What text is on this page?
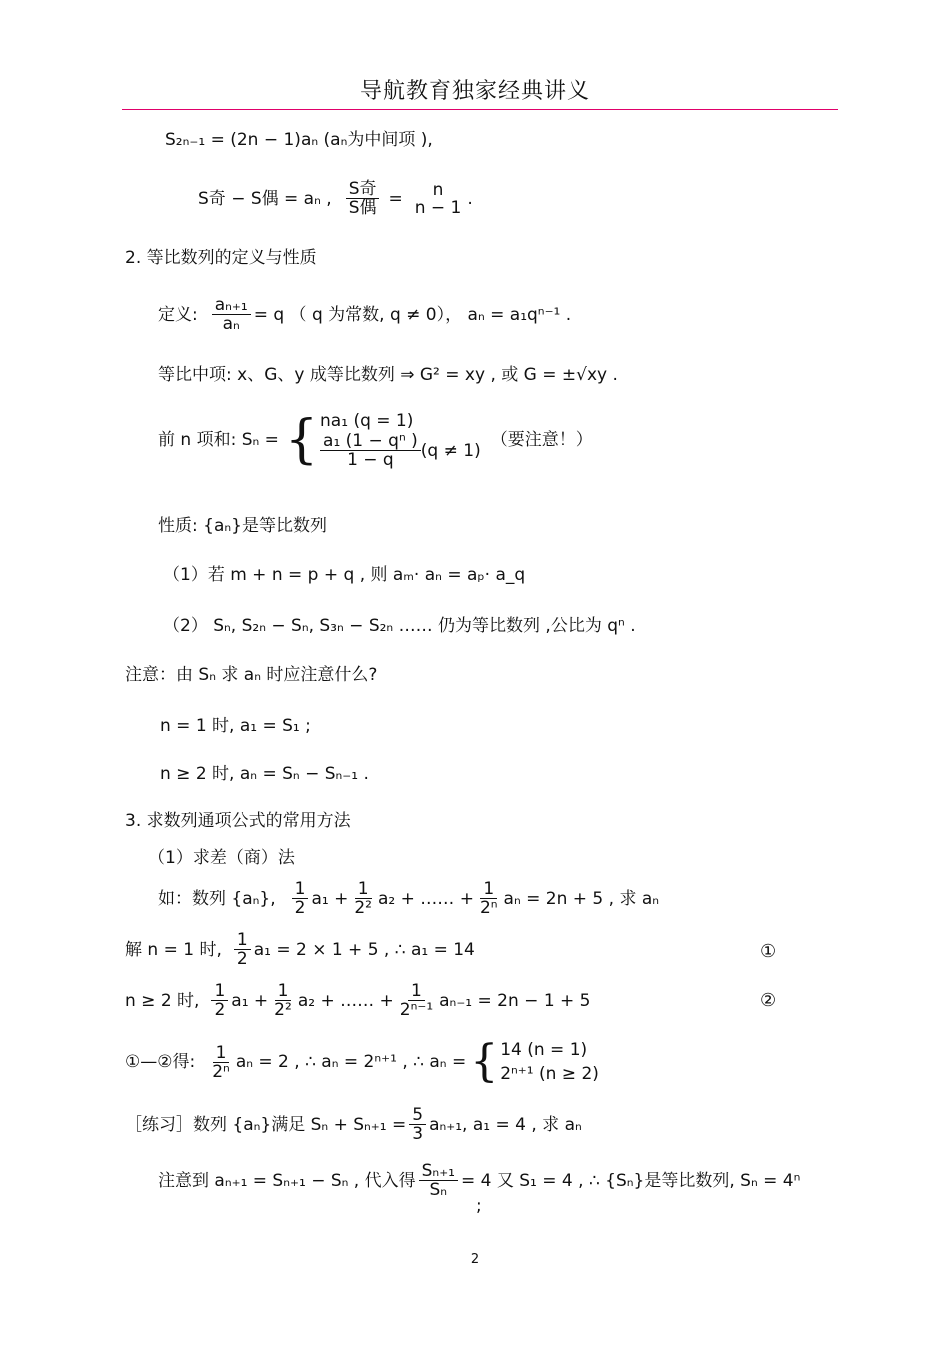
导航教育独家经典讲义
S₂ₙ₋₁ = (2n − 1)aₙ (aₙ为中间项 ),
S奇 − S偶 = aₙ , $\frac{\text{S奇}}{\text{S偶}} = n$
n − 1 .
2. 等比数列的定义与性质
定义: $\frac{\text{aₙ₊₁}}{\text{aₙ}} = q$ （ q 为常数, q ≠ 0）， aₙ = a₁qⁿ⁻¹ .
等比中项: x、G、y 成等比数列 ⇒ G² = xy , 或 G = ±√xy .
前 n 项和: Sₙ = { na₁ (q = 1)
$\frac{\text{a₁ (1 − qⁿ )}}{1 - q} (q \ne 1)$
（要注意！）
性质: {aₙ}是等比数列
（1）若 m + n = p + q , 则 aₘ· aₙ = aₚ· a_q
（2） Sₙ, S₂ₙ − Sₙ, S₃ₙ − S₂ₙ …… 仍为等比数列 ,公比为 qⁿ .
注意：由 Sₙ 求 aₙ 时应注意什么?
n = 1 时, a₁ = S₁ ;
n ≥ 2 时, aₙ = Sₙ − Sₙ₋₁ .
3. 求数列通项公式的常用方法
（1）求差（商）法
如：数列 {aₙ}, $\frac{1}{2} a_1 + \frac{1}{\text{2²}} a_2$ + …… + $\frac{1}{\text{2ⁿ}}$ aₙ = 2n + 5 , 求 aₙ
解 n = 1 时, $\frac{1}{2} a_1 = 2 \times 1 + 5$ , ∴ a₁ = 14	①
n ≥ 2 时, $\frac{1}{2} a_1 + \frac{1}{\text{2²}} a_2$ + …… + $\frac{1}{\text{2ⁿ⁻¹}} a_{n-1} = 2n - 1 + 5$	②
①—②得: $\frac{1}{\text{2ⁿ}}$ aₙ = 2 , ∴ aₙ = 2ⁿ⁺¹ , ∴ aₙ = { 14 (n = 1)
2ⁿ⁺¹ (n ≥ 2)
［练习］数列 {aₙ}满足 $S_n + S_{n+1} = \frac{5}{3} a_{n+1}$, a₁ = 4 , 求 aₙ
注意到 aₙ₊₁ = Sₙ₊₁ − Sₙ , 代入得 $\frac{\text{Sₙ₊₁}}{\text{Sₙ}} = 4$ 又 S₁ = 4 , ∴ {Sₙ}是等比数列, Sₙ = 4ⁿ
;
2
